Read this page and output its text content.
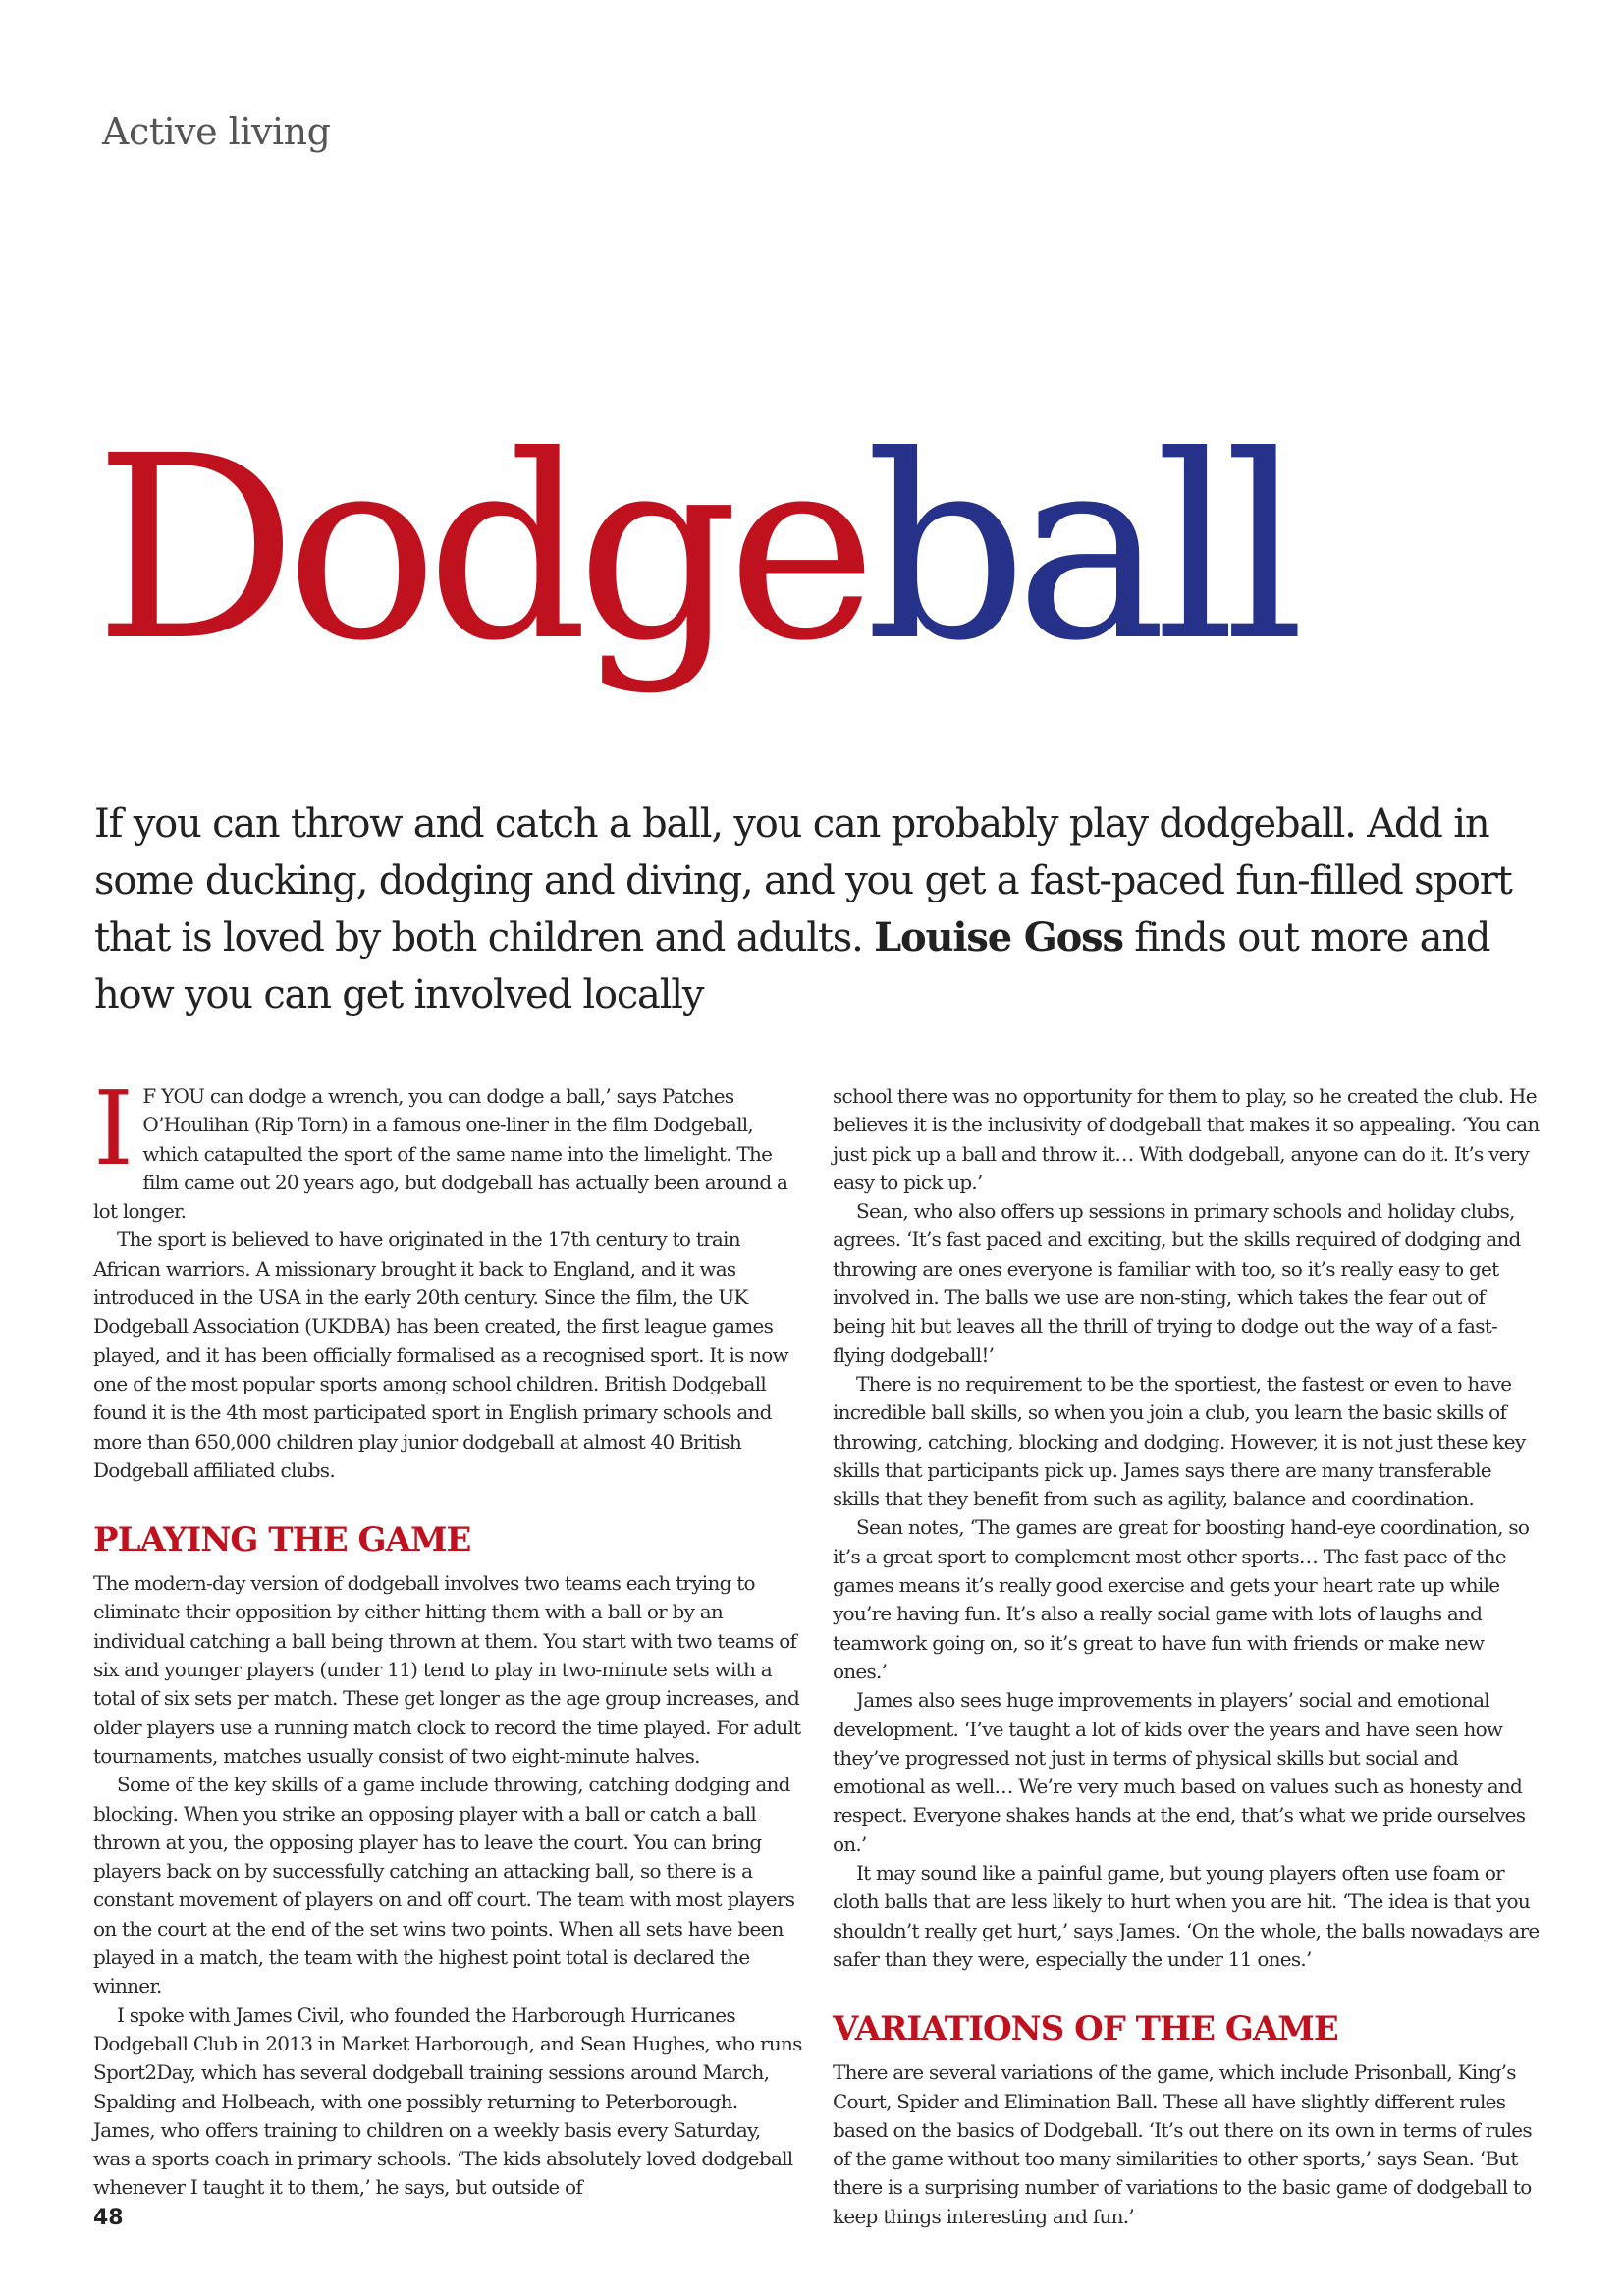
Active living
Dodgeball
If you can throw and catch a ball, you can probably play dodgeball. Add in some ducking, dodging and diving, and you get a fast-paced fun-filled sport that is loved by both children and adults. Louise Goss finds out more and how you can get involved locally

I F YOU can dodge a wrench, you can dodge a ball,’ says Patches O’Houlihan (Rip Torn) in a famous one-liner in the film Dodgeball, which catapulted the sport of the same name into the limelight. The film came out 20 years ago, but dodgeball has actually been around a lot longer.

The sport is believed to have originated in the 17th century to train African warriors. A missionary brought it back to England, and it was introduced in the USA in the early 20th century. Since the film, the UK Dodgeball Association (UKDBA) has been created, the first league games played, and it has been officially formalised as a recognised sport. It is now one of the most popular sports among school children. British Dodgeball found it is the 4th most participated sport in English primary schools and more than 650,000 children play junior dodgeball at almost 40 British Dodgeball affiliated clubs.

PLAYING THE GAME

The modern-day version of dodgeball involves two teams each trying to eliminate their opposition by either hitting them with a ball or by an individual catching a ball being thrown at them. You start with two teams of six and younger players (under 11) tend to play in two-minute sets with a total of six sets per match. These get longer as the age group increases, and older players use a running match clock to record the time played. For adult tournaments, matches usually consist of two eight-minute halves.

Some of the key skills of a game include throwing, catching dodging and blocking. When you strike an opposing player with a ball or catch a ball thrown at you, the opposing player has to leave the court. You can bring players back on by successfully catching an attacking ball, so there is a constant movement of players on and off court. The team with most players on the court at the end of the set wins two points. When all sets have been played in a match, the team with the highest point total is declared the winner.

I spoke with James Civil, who founded the Harborough Hurricanes Dodgeball Club in 2013 in Market Harborough, and Sean Hughes, who runs Sport2Day, which has several dodgeball training sessions around March, Spalding and Holbeach, with one possibly returning to Peterborough. James, who offers training to children on a weekly basis every Saturday, was a sports coach in primary schools. ‘The kids absolutely loved dodgeball whenever I taught it to them,’ he says, but outside of

school there was no opportunity for them to play, so he created the club. He believes it is the inclusivity of dodgeball that makes it so appealing. ‘You can just pick up a ball and throw it… With dodgeball, anyone can do it. It’s very easy to pick up.’

Sean, who also offers up sessions in primary schools and holiday clubs, agrees. ‘It’s fast paced and exciting, but the skills required of dodging and throwing are ones everyone is familiar with too, so it’s really easy to get involved in. The balls we use are non-sting, which takes the fear out of being hit but leaves all the thrill of trying to dodge out the way of a fast-flying dodgeball!’

There is no requirement to be the sportiest, the fastest or even to have incredible ball skills, so when you join a club, you learn the basic skills of throwing, catching, blocking and dodging. However, it is not just these key skills that participants pick up. James says there are many transferable skills that they benefit from such as agility, balance and coordination.

Sean notes, ‘The games are great for boosting hand-eye coordination, so it’s a great sport to complement most other sports… The fast pace of the games means it’s really good exercise and gets your heart rate up while you’re having fun. It’s also a really social game with lots of laughs and teamwork going on, so it’s great to have fun with friends or make new ones.’

James also sees huge improvements in players’ social and emotional development. ‘I’ve taught a lot of kids over the years and have seen how they’ve progressed not just in terms of physical skills but social and emotional as well… We’re very much based on values such as honesty and respect. Everyone shakes hands at the end, that’s what we pride ourselves on.’

It may sound like a painful game, but young players often use foam or cloth balls that are less likely to hurt when you are hit. ‘The idea is that you shouldn’t really get hurt,’ says James. ‘On the whole, the balls nowadays are safer than they were, especially the under 11 ones.’

VARIATIONS OF THE GAME

There are several variations of the game, which include Prisonball, King’s Court, Spider and Elimination Ball. These all have slightly different rules based on the basics of Dodgeball. ‘It’s out there on its own in terms of rules of the game without too many similarities to other sports,’ says Sean. ‘But there is a surprising number of variations to the basic game of dodgeball to keep things interesting and fun.’

48
